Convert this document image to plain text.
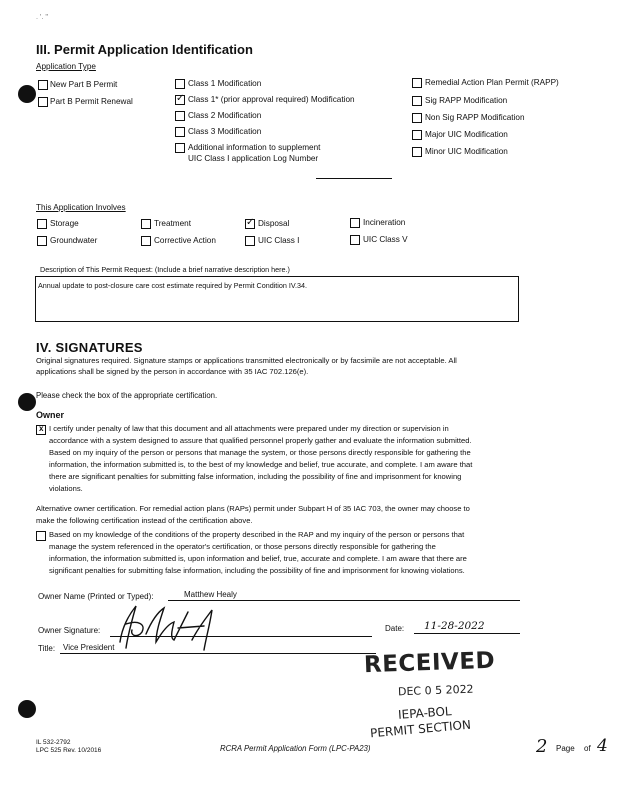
. '. ''
III. Permit Application Identification
Application Type
New Part B Permit
Part B Permit Renewal
Class 1 Modification
✓
Class 1* (prior approval required) Modification
Class 2 Modification
Class 3 Modification
Additional information to supplement
UIC Class I application Log Number
Remedial Action Plan Permit (RAPP)
Sig RAPP Modification
Non Sig RAPP Modification
Major UIC Modification
Minor UIC Modification
This Application Involves
Storage	Treatment
✓	Disposal	Incineration
Groundwater	Corrective Action	UIC Class I	UIC Class V
Description of This Permit Request: (Include a brief narrative description here.)
Annual update to post-closure care cost estimate required by Permit Condition IV.34.
IV. SIGNATURES
Original signatures required. Signature stamps or applications transmitted electronically or by facsimile are not acceptable. All
applications shall be signed by the person in accordance with 35 IAC 702.126(e).
Please check the box of the appropriate certification.
Owner
x
I certify under penalty of law that this document and all attachments were prepared under my direction or supervision in
accordance with a system designed to assure that qualified personnel properly gather and evaluate the information submitted.
Based on my inquiry of the person or persons that manage the system, or those persons directly responsible for gathering the
information, the information submitted is, to the best of my knowledge and belief, true accurate, and complete. I am aware that
there are significant penalties for submitting false information, including the possibility of fine and imprisonment for knowing
violations.
Alternative owner certification. For remedial action plans (RAPs) permit under Subpart H of 35 IAC 703, the owner may choose to
make the following certification instead of the certification above.
Based on my knowledge of the conditions of the property described in the RAP and my inquiry of the person or persons that
manage the system referenced in the operator's certification, or those persons directly responsible for gathering the
information, the information submitted is, upon information and belief, true, accurate and complete. I am aware that there are
significant penalties for submitting false information, including the possibility of fine and imprisonment for knowing violations.
Owner Name (Printed or Typed):	Matthew Healy
Owner Signature:	Date: 11-28-2022
Title: Vice President
RECEIVED
DEC 0 5 2022
IEPA-BOL
PERMIT SECTION
IL 532-2792
LPC 525 Rev. 10/2016	RCRA Permit Application Form (LPC-PA23)	2 Page of 4
